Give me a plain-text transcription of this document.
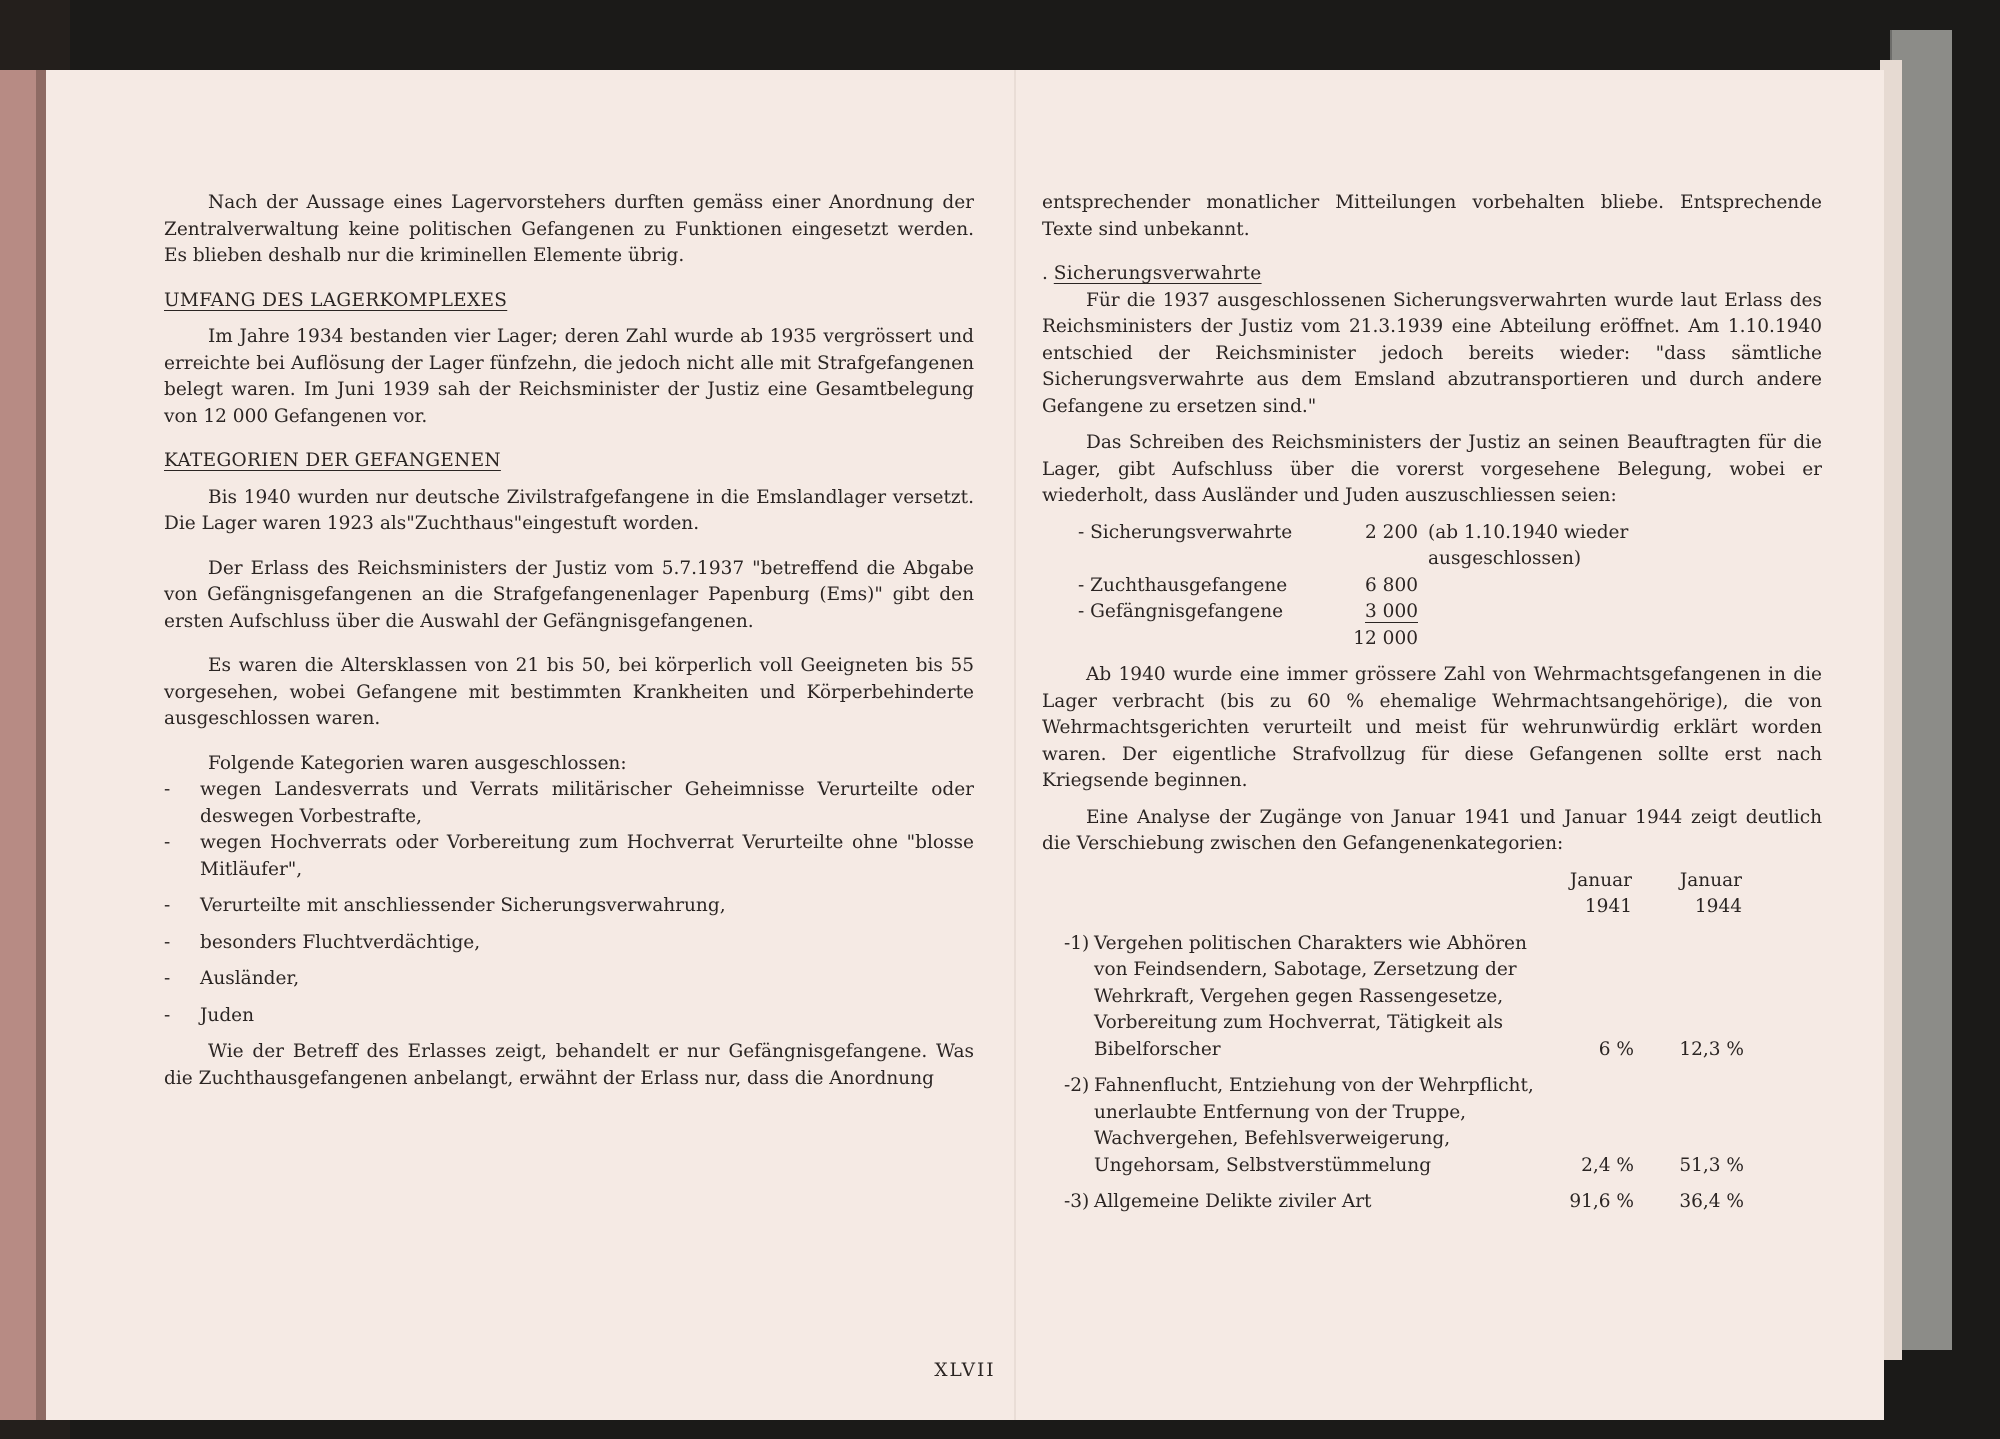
Nach der Aussage eines Lagervorstehers durften gemäss einer Anordnung der Zentralverwaltung keine politischen Gefangenen zu Funktionen eingesetzt werden. Es blieben deshalb nur die kriminellen Elemente übrig.

UMFANG DES LAGERKOMPLEXES

Im Jahre 1934 bestanden vier Lager; deren Zahl wurde ab 1935 vergrössert und erreichte bei Auflösung der Lager fünfzehn, die jedoch nicht alle mit Strafgefangenen belegt waren. Im Juni 1939 sah der Reichsminister der Justiz eine Gesamtbelegung von 12 000 Gefangenen vor.

KATEGORIEN DER GEFANGENEN

Bis 1940 wurden nur deutsche Zivilstrafgefangene in die Emslandlager versetzt. Die Lager waren 1923 als"Zuchthaus"eingestuft worden.

Der Erlass des Reichsministers der Justiz vom 5.7.1937 "betreffend die Abgabe von Gefängnisgefangenen an die Strafgefangenenlager Papenburg (Ems)" gibt den ersten Aufschluss über die Auswahl der Gefängnisgefangenen.

Es waren die Altersklassen von 21 bis 50, bei körperlich voll Geeigneten bis 55 vorgesehen, wobei Gefangene mit bestimmten Krankheiten und Körperbehinderte ausgeschlossen waren.

Folgende Kategorien waren ausgeschlossen:

- wegen Landesverrats und Verrats militärischer Geheimnisse Verurteilte oder deswegen Vorbestrafte,
- wegen Hochverrats oder Vorbereitung zum Hochverrat Verurteilte ohne "blosse Mitläufer",
- Verurteilte mit anschliessender Sicherungsverwahrung,
- besonders Fluchtverdächtige,
- Ausländer,
- Juden

Wie der Betreff des Erlasses zeigt, behandelt er nur Gefängnisgefangene. Was die Zuchthausgefangenen anbelangt, erwähnt der Erlass nur, dass die Anordnung

entsprechender monatlicher Mitteilungen vorbehalten bliebe. Entsprechende Texte sind unbekannt.

. Sicherungsverwahrte

Für die 1937 ausgeschlossenen Sicherungsverwahrten wurde laut Erlass des Reichsministers der Justiz vom 21.3.1939 eine Abteilung eröffnet. Am 1.10.1940 entschied der Reichsminister jedoch bereits wieder: "dass sämtliche Sicherungsverwahrte aus dem Emsland abzutransportieren und durch andere Gefangene zu ersetzen sind."

Das Schreiben des Reichsministers der Justiz an seinen Beauftragten für die Lager, gibt Aufschluss über die vorerst vorgesehene Belegung, wobei er wiederholt, dass Ausländer und Juden auszuschliessen seien:

- Sicherungsverwahrte	2 200 (ab 1.10.1940 wieder ausgeschlossen)
- Zuchthausgefangene	6 800
- Gefängnisgefangene	3 000
12 000

Ab 1940 wurde eine immer grössere Zahl von Wehrmachtsgefangenen in die Lager verbracht (bis zu 60 % ehemalige Wehrmachtsangehörige), die von Wehrmachtsgerichten verurteilt und meist für wehrunwürdig erklärt worden waren. Der eigentliche Strafvollzug für diese Gefangenen sollte erst nach Kriegsende beginnen.

Eine Analyse der Zugänge von Januar 1941 und Januar 1944 zeigt deutlich die Verschiebung zwischen den Gefangenenkategorien:

Januar 1941
Januar 1944
-1) Vergehen politischen Charakters wie Abhören von Feindsendern, Sabotage, Zersetzung der Wehrkraft, Vergehen gegen Rassengesetze, Vorbereitung zum Hochverrat, Tätigkeit als Bibelforscher	6 %	12,3 %
-2) Fahnenflucht, Entziehung von der Wehrpflicht, unerlaubte Entfernung von der Truppe, Wachvergehen, Befehlsverweigerung, Ungehorsam, Selbstverstümmelung	2,4 %	51,3 %
-3) Allgemeine Delikte ziviler Art	91,6 %	36,4 %
XLVII
